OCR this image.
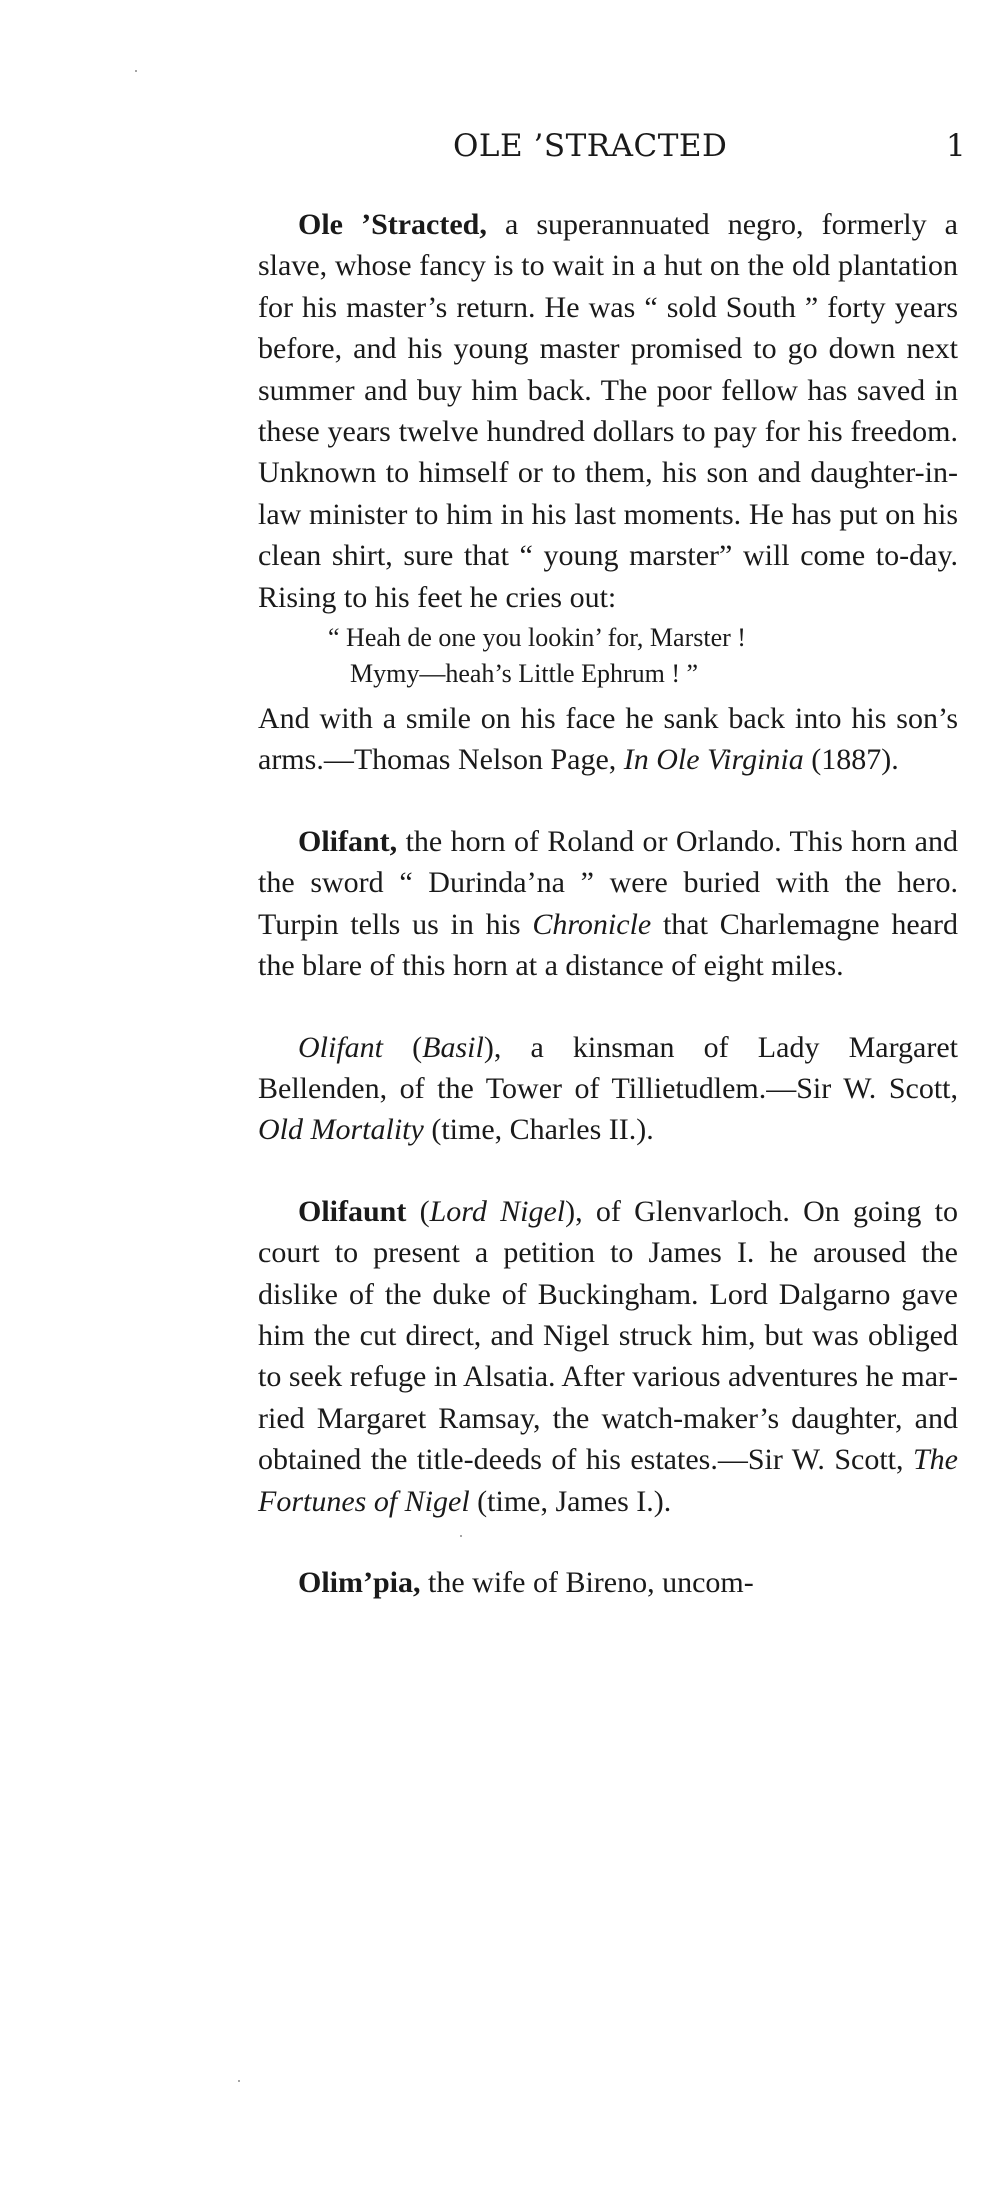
OLE ’STRACTED	1
Ole ’Stracted, a superannuated negro, formerly a slave, whose fancy is to wait in a hut on the old plantation for his master’s return. He was “ sold South ” forty years before, and his young master promised to go down next summer and buy him back. The poor fellow has saved in these years twelve hundred dollars to pay for his freedom. Unknown to himself or to them, his son and daughter-in-law minister to him in his last moments. He has put on his clean shirt, sure that “ young marster” will come to-day. Rising to his feet he cries out:
“ Heah de one you lookin’ for, Marster !
Mymy—heah’s Little Ephrum ! ”
And with a smile on his face he sank back into his son’s arms.—Thomas Nelson Page, In Ole Virginia (1887).
Olifant, the horn of Roland or Orlando. This horn and the sword “ Durinda’na ” were buried with the hero. Turpin tells us in his Chronicle that Charlemagne heard the blare of this horn at a distance of eight miles.
Olifant (Basil), a kinsman of Lady Margaret Bellenden, of the Tower of Tillietudlem.—Sir W. Scott, Old Mortality (time, Charles II.).
Olifaunt (Lord Nigel), of Glenvarloch. On going to court to present a petition to James I. he aroused the dislike of the duke of Buckingham. Lord Dalgarno gave him the cut direct, and Nigel struck him, but was obliged to seek refuge in Alsatia. After various adventures he married Margaret Ramsay, the watch-maker’s daughter, and obtained the title-deeds of his estates.—Sir W. Scott, The Fortunes of Nigel (time, James I.).
Olim’pia, the wife of Bireno, uncom-
